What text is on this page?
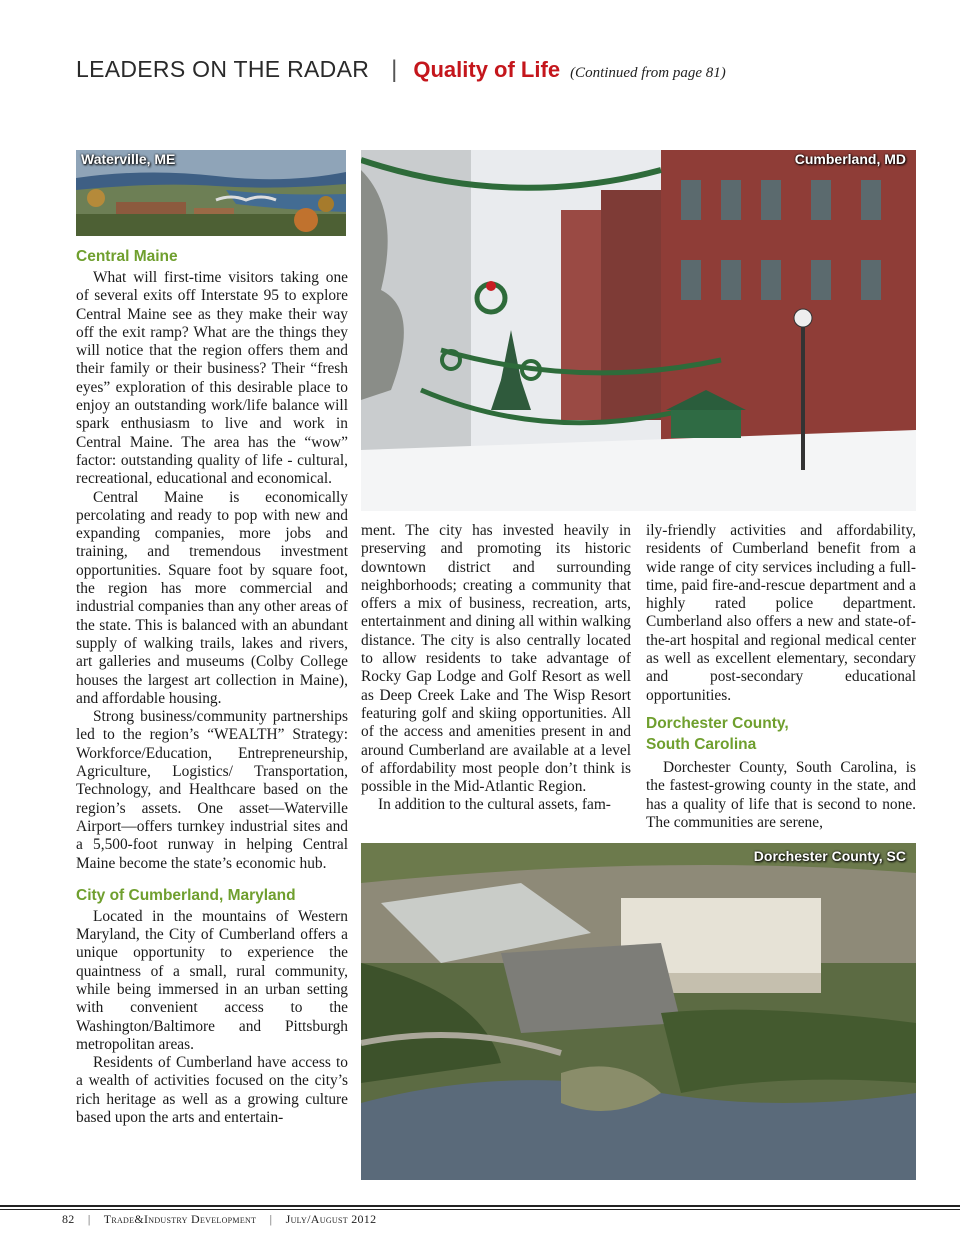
LEADERS ON THE RADAR | Quality of Life (Continued from page 81)
Waterville, ME	Cumberland, MD
Central Maine

What will first-time visitors taking one of several exits off Interstate 95 to explore Central Maine see as they make their way off the exit ramp? What are the things they will notice that the region offers them and their family or their business? Their “fresh eyes” exploration of this desirable place to enjoy an outstanding work/life balance will spark enthusiasm to live and work in Central Maine. The area has the “wow” factor: outstanding quality of life - cultural, recreational, educational and economical.

Central Maine is economically percolating and ready to pop with new and expanding companies, more jobs and training, and tremendous investment opportunities. Square foot by square foot, the region has more commercial and industrial companies than any other areas of the state. This is balanced with an abundant supply of walking trails, lakes and rivers, art galleries and museums (Colby College houses the largest art collection in Maine), and affordable housing.

Strong business/community partnerships led to the region’s “WEALTH” Strategy: Workforce/Education, Entrepreneurship, Agriculture, Logistics/ Transportation, Technology, and Healthcare based on the region’s assets. One asset—Waterville Airport—offers turnkey industrial sites and a 5,500-foot runway in helping Central Maine become the state’s economic hub.

City of Cumberland, Maryland

Located in the mountains of Western Maryland, the City of Cumberland offers a unique opportunity to experience the quaintness of a small, rural community, while being immersed in an urban setting with convenient access to the Washington/Baltimore and Pittsburgh metropolitan areas.

Residents of Cumberland have access to a wealth of activities focused on the city’s rich heritage as well as a growing culture based upon the arts and entertain-

ment. The city has invested heavily in preserving and promoting its historic downtown district and surrounding neighborhoods; creating a community that offers a mix of business, recreation, arts, entertainment and dining all within walking distance. The city is also centrally located to allow residents to take advantage of Rocky Gap Lodge and Golf Resort as well as Deep Creek Lake and The Wisp Resort featuring golf and skiing opportunities. All of the access and amenities present in and around Cumberland are available at a level of affordability most people don’t think is possible in the Mid-Atlantic Region.

In addition to the cultural assets, fam-

ily-friendly activities and affordability, residents of Cumberland benefit from a wide range of city services including a full-time, paid fire-and-rescue department and a highly rated police department. Cumberland also offers a new and state-of-the-art hospital and regional medical center as well as excellent elementary, secondary and post-secondary educational opportunities.

Dorchester County,
South Carolina

Dorchester County, South Carolina, is the fastest-growing county in the state, and has a quality of life that is second to none. The communities are serene,

Dorchester County, SC
82 | Trade&Industry Development | July/August 2012
